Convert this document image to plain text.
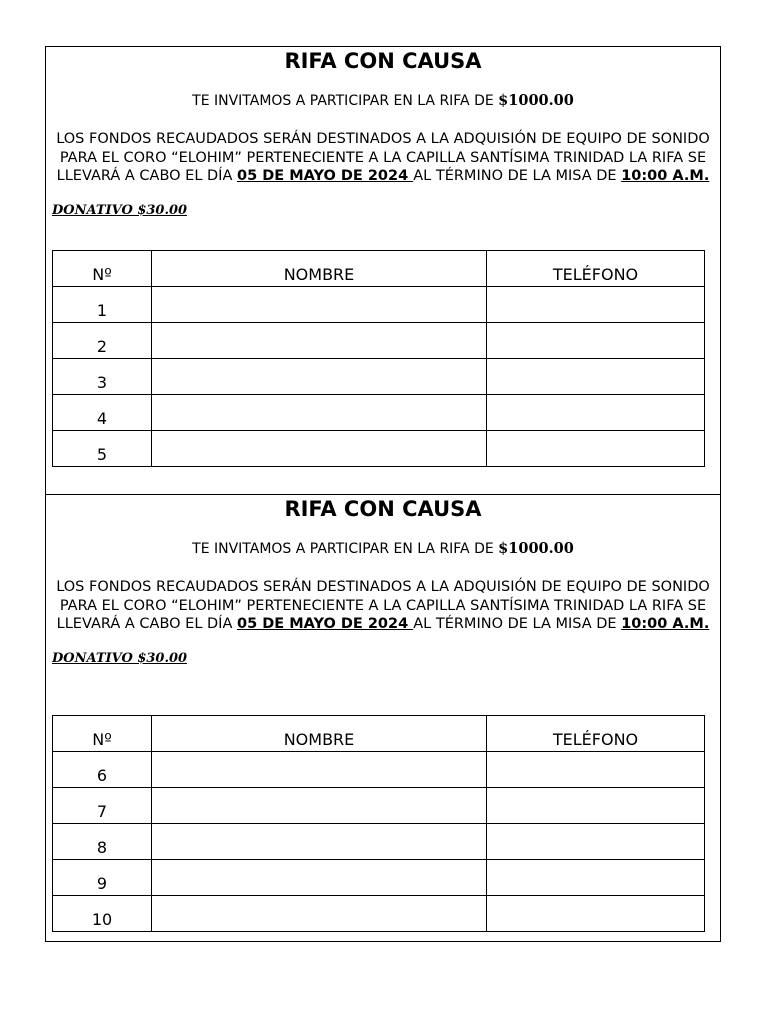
RIFA CON CAUSA
TE INVITAMOS A PARTICIPAR EN LA RIFA DE $1000.00
LOS FONDOS RECAUDADOS SERÁN DESTINADOS A LA ADQUISIÓN DE EQUIPO DE SONIDO PARA EL CORO “ELOHIM” PERTENECIENTE A LA CAPILLA SANTÍSIMA TRINIDAD LA RIFA SE LLEVARÁ A CABO EL DÍA 05 DE MAYO DE 2024 AL TÉRMINO DE LA MISA DE 10:00 A.M.
DONATIVO $30.00
Nº	NOMBRE	TELÉFONO
1		
2		
3		
4		
5		
RIFA CON CAUSA
TE INVITAMOS A PARTICIPAR EN LA RIFA DE $1000.00
LOS FONDOS RECAUDADOS SERÁN DESTINADOS A LA ADQUISIÓN DE EQUIPO DE SONIDO PARA EL CORO “ELOHIM” PERTENECIENTE A LA CAPILLA SANTÍSIMA TRINIDAD LA RIFA SE LLEVARÁ A CABO EL DÍA 05 DE MAYO DE 2024 AL TÉRMINO DE LA MISA DE 10:00 A.M.
DONATIVO $30.00
Nº	NOMBRE	TELÉFONO
6		
7		
8		
9		
10		
